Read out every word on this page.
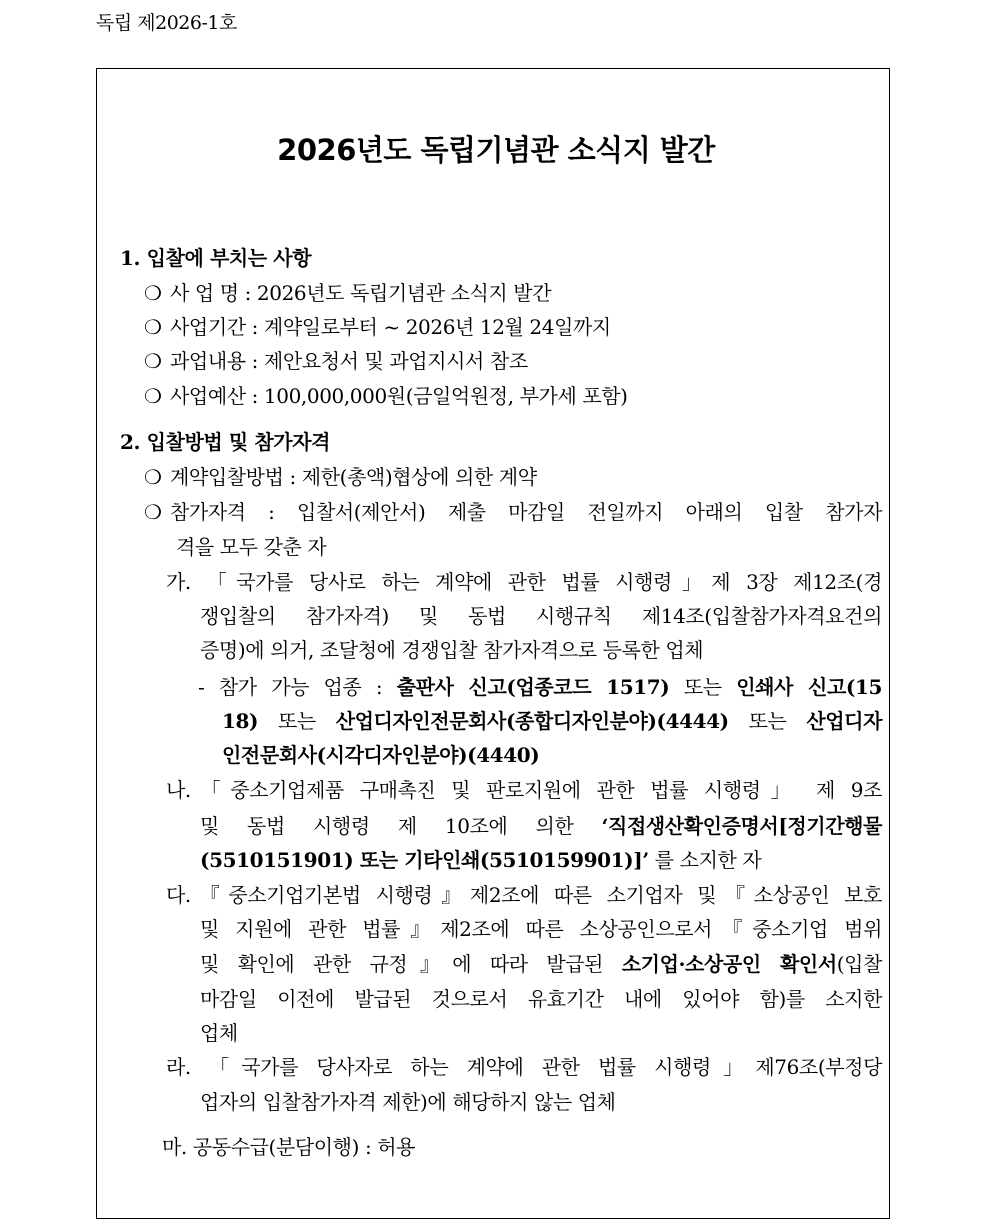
독립 제2026-1호
2026년도 독립기념관 소식지 발간
1. 입찰에 부치는 사항
❍ 사 업 명 : 2026년도 독립기념관 소식지 발간
❍ 사업기간 : 계약일로부터 ~ 2026년 12월 24일까지
❍ 과업내용 : 제안요청서 및 과업지시서 참조
❍ 사업예산 : 100,000,000원(금일억원정, 부가세 포함)
2. 입찰방법 및 참가자격
❍ 계약입찰방법 : 제한(총액)협상에 의한 계약
❍ 참가자격 : 입찰서(제안서) 제출 마감일 전일까지 아래의 입찰 참가자
격을 모두 갖춘 자
가. 「국가를 당사로 하는 계약에 관한 법률 시행령」제 3장 제12조(경
쟁입찰의 참가자격) 및 동법 시행규칙 제14조(입찰참가자격요건의
증명)에 의거, 조달청에 경쟁입찰 참가자격으로 등록한 업체
- 참가 가능 업종 : 출판사 신고(업종코드 1517) 또는 인쇄사 신고(15
18) 또는 산업디자인전문회사(종합디자인분야)(4444) 또는 산업디자
인전문회사(시각디자인분야)(4440)
나.「중소기업제품 구매촉진 및 판로지원에 관한 법률 시행령」 제 9조
및 동법 시행령 제 10조에 의한 ‘직접생산확인증명서[정기간행물
(5510151901) 또는 기타인쇄(5510159901)]’ 를 소지한 자
다.『중소기업기본법 시행령』제2조에 따른 소기업자 및『소상공인 보호
및 지원에 관한 법률』제2조에 따른 소상공인으로서『중소기업 범위
및 확인에 관한 규정』에 따라 발급된 소기업·소상공인 확인서(입찰
마감일 이전에 발급된 것으로서 유효기간 내에 있어야 함)를 소지한
업체
라. 「국가를 당사자로 하는 계약에 관한 법률 시행령」제76조(부정당
업자의 입찰참가자격 제한)에 해당하지 않는 업체
마. 공동수급(분담이행) : 허용
